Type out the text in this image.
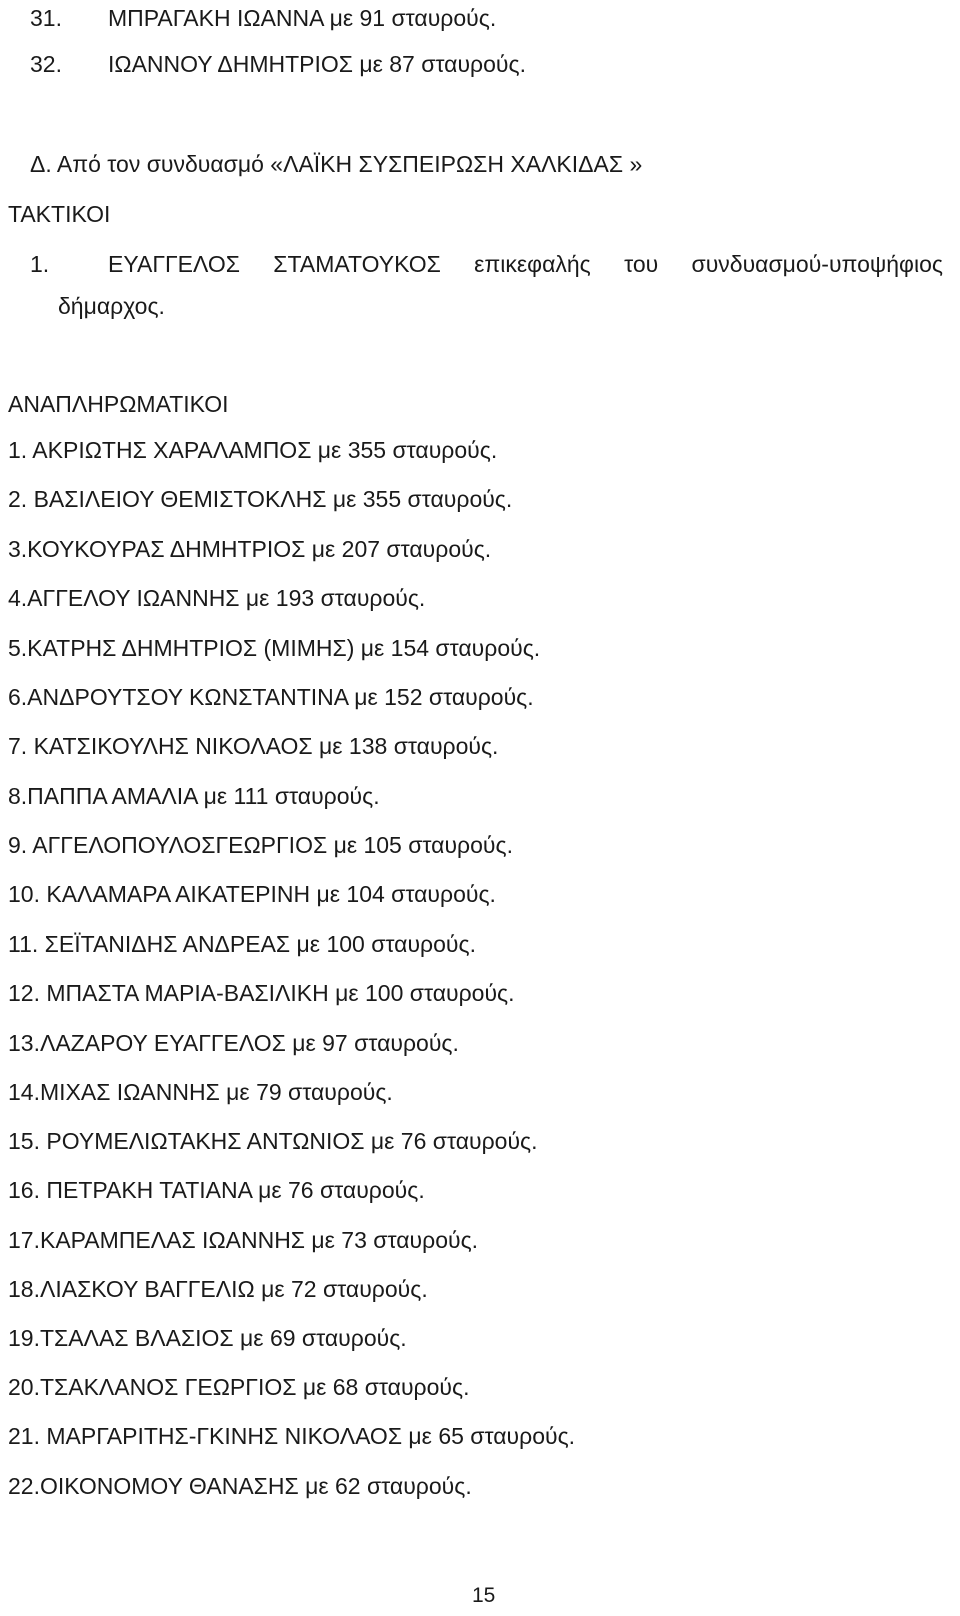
31. ΜΠΡΑΓΑΚΗ ΙΩΑΝΝΑ με 91 σταυρούς.
32. ΙΩΑΝΝΟΥ ΔΗΜΗΤΡΙΟΣ με 87 σταυρούς.
Δ. Από τον συνδυασμό «ΛΑΪΚΗ ΣΥΣΠΕΙΡΩΣΗ ΧΑΛΚΙΔΑΣ »
ΤΑΚΤΙΚΟΙ
1.	ΕΥΑΓΓΕΛΟΣ ΣΤΑΜΑΤΟΥΚΟΣ επικεφαλής του συνδυασμού-υποψήφιος
δήμαρχος.
ΑΝΑΠΛΗΡΩΜΑΤΙΚΟΙ
1. ΑΚΡΙΩΤΗΣ ΧΑΡΑΛΑΜΠΟΣ με 355 σταυρούς.
2. ΒΑΣΙΛΕΙΟΥ ΘΕΜΙΣΤΟΚΛΗΣ με 355 σταυρούς.
3.ΚΟΥΚΟΥΡΑΣ ΔΗΜΗΤΡΙΟΣ με 207 σταυρούς.
4.ΑΓΓΕΛΟΥ ΙΩΑΝΝΗΣ με 193 σταυρούς.
5.ΚΑΤΡΗΣ ΔΗΜΗΤΡΙΟΣ (ΜΙΜΗΣ) με 154 σταυρούς.
6.ΑΝΔΡΟΥΤΣΟΥ ΚΩΝΣΤΑΝΤΙΝΑ με 152 σταυρούς.
7. ΚΑΤΣΙΚΟΥΛΗΣ ΝΙΚΟΛΑΟΣ με 138 σταυρούς.
8.ΠΑΠΠΑ ΑΜΑΛΙΑ με 111 σταυρούς.
9. ΑΓΓΕΛΟΠΟΥΛΟΣΓΕΩΡΓΙΟΣ με 105 σταυρούς.
10. ΚΑΛΑΜΑΡΑ ΑΙΚΑΤΕΡΙΝΗ με 104 σταυρούς.
11. ΣΕΪΤΑΝΙΔΗΣ ΑΝΔΡΕΑΣ με 100 σταυρούς.
12. ΜΠΑΣΤΑ ΜΑΡΙΑ-ΒΑΣΙΛΙΚΗ με 100 σταυρούς.
13.ΛΑΖΑΡΟΥ ΕΥΑΓΓΕΛΟΣ με 97 σταυρούς.
14.ΜΙΧΑΣ ΙΩΑΝΝΗΣ με 79 σταυρούς.
15. ΡΟΥΜΕΛΙΩΤΑΚΗΣ ΑΝΤΩΝΙΟΣ με 76 σταυρούς.
16. ΠΕΤΡΑΚΗ ΤΑΤΙΑΝΑ με 76 σταυρούς.
17.ΚΑΡΑΜΠΕΛΑΣ ΙΩΑΝΝΗΣ με 73 σταυρούς.
18.ΛΙΑΣΚΟΥ ΒΑΓΓΕΛΙΩ με 72 σταυρούς.
19.ΤΣΑΛΑΣ ΒΛΑΣΙΟΣ με 69 σταυρούς.
20.ΤΣΑΚΛΑΝΟΣ ΓΕΩΡΓΙΟΣ με 68 σταυρούς.
21. ΜΑΡΓΑΡΙΤΗΣ-ΓΚΙΝΗΣ ΝΙΚΟΛΑΟΣ με 65 σταυρούς.
22.ΟΙΚΟΝΟΜΟΥ ΘΑΝΑΣΗΣ με 62 σταυρούς.
15
